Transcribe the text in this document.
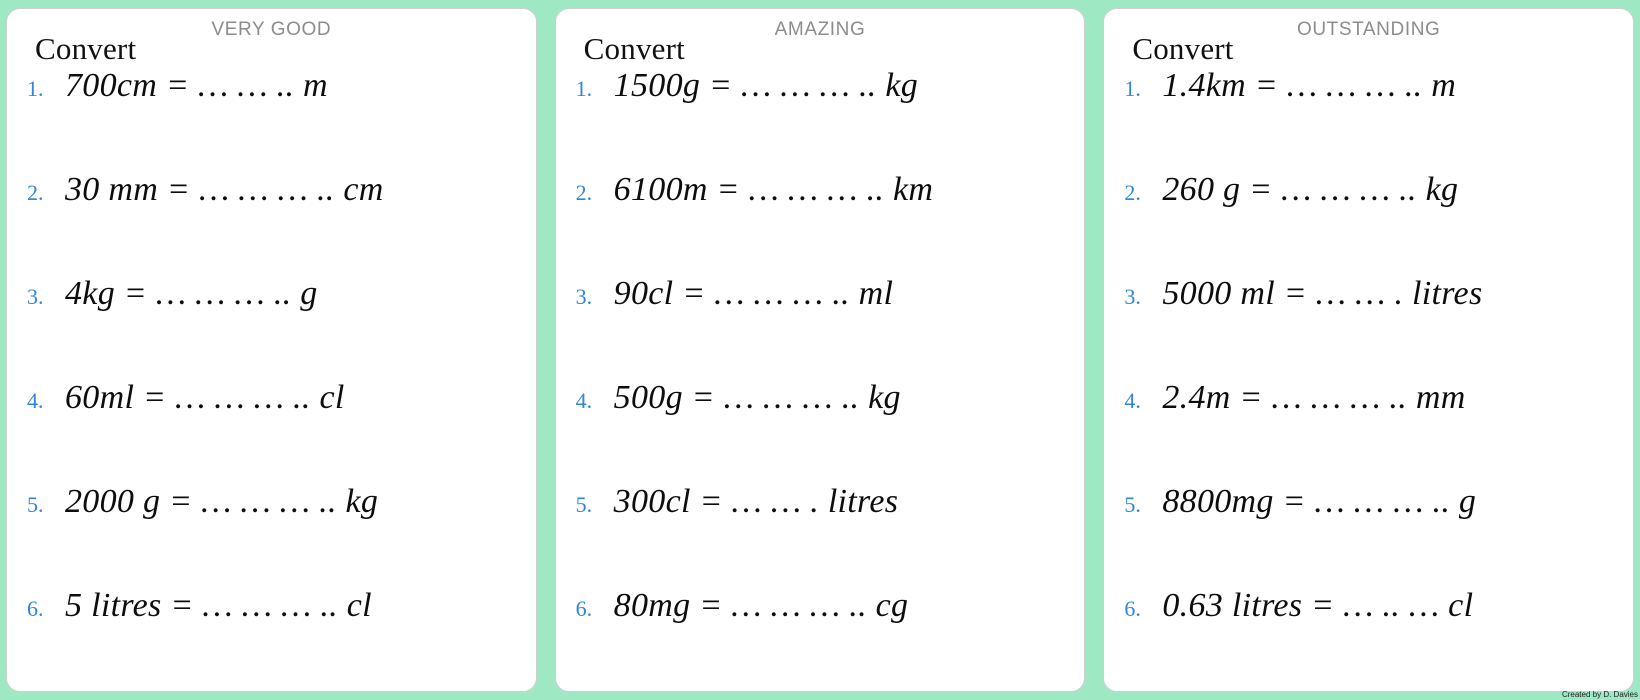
VERY GOOD
Convert
1. 700cm = … … .. m
2. 30 mm = … … … .. cm
3. 4kg = … … … .. g
4. 60ml = … … … .. cl
5. 2000 g = … … … .. kg
6. 5 litres = … … … .. cl
AMAZING
Convert
1. 1500g = … … … .. kg
2. 6100m = … … … .. km
3. 90cl = … … … .. ml
4. 500g = … … … .. kg
5. 300cl = … … . litres
6. 80mg = … … … .. cg
OUTSTANDING
Convert
1. 1.4km = … … … .. m
2. 260 g = … … … .. kg
3. 5000 ml = … … . litres
4. 2.4m = … … … .. mm
5. 8800mg = … … … .. g
6. 0.63 litres = … .. … cl
Created by D. Davies
